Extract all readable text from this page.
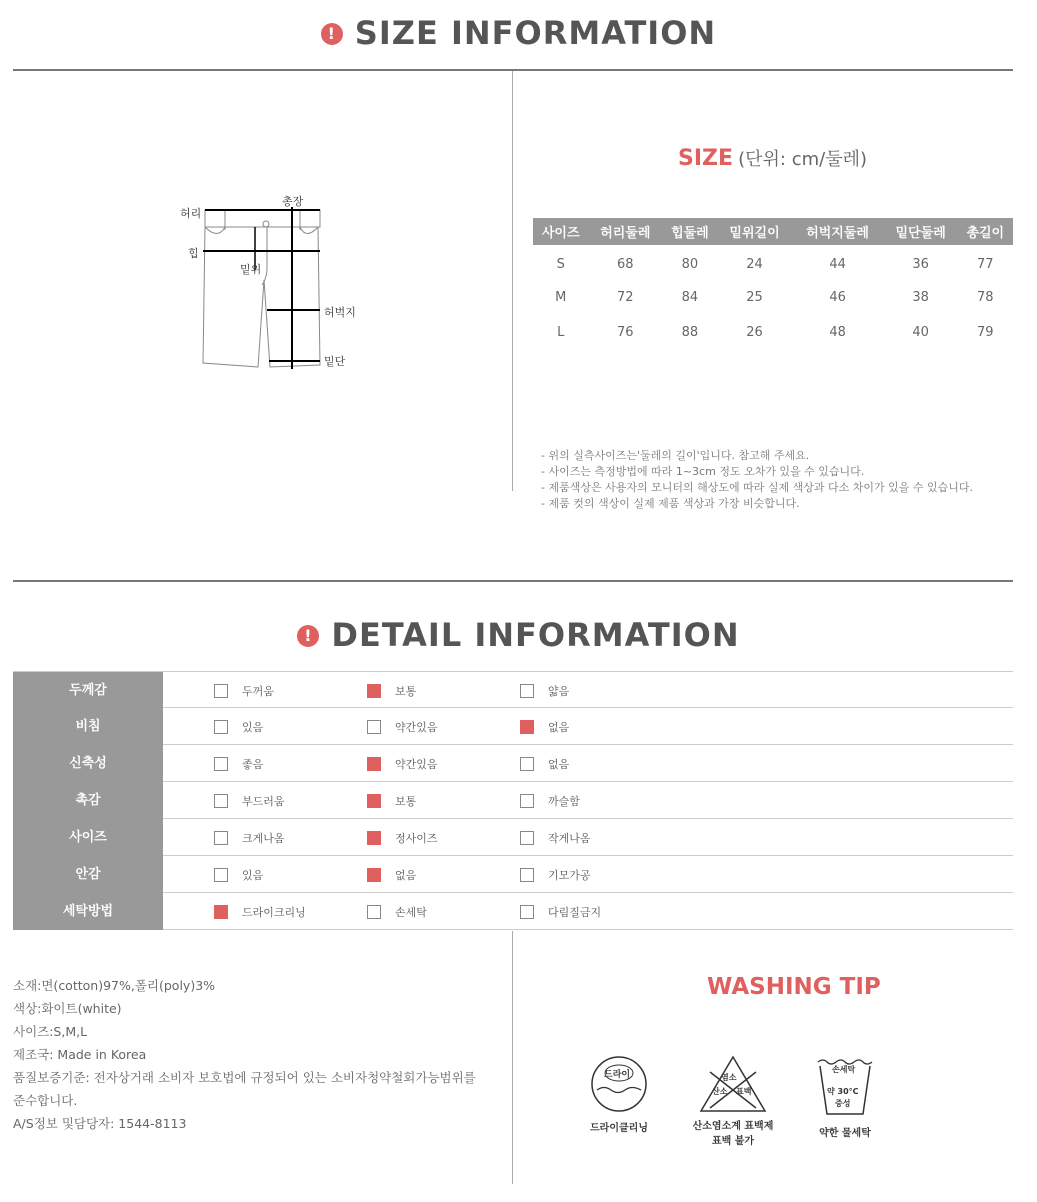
! SIZE INFORMATION
허리
총장
힙
밑위
허벅지
밑단
SIZE (단위: cm/둘레)
사이즈	허리둘레	힙둘레	밑위길이	허벅지둘레	밑단둘레	총길이
S	68	80	24	44	36	77
M	72	84	25	46	38	78
L	76	88	26	48	40	79
- 위의 실측사이즈는'둘레의 길이'입니다. 참고해 주세요.
- 사이즈는 측정방법에 따라 1~3cm 정도 오차가 있을 수 있습니다.
- 제품색상은 사용자의 모니터의 해상도에 따라 실제 색상과 다소 차이가 있을 수 있습니다.
- 제품 컷의 색상이 실제 제품 색상과 가장 비슷합니다.
! DETAIL INFORMATION
두께감	두꺼움	보통	얇음
비침	있음	약간있음	없음
신축성	좋음	약간있음	없음
촉감	부드러움	보통	까슬함
사이즈	크게나옴	정사이즈	작게나옴
안감	있음	없음	기모가공
세탁방법	드라이크리닝	손세탁	다림질금지
소재:면(cotton)97%,폴리(poly)3%
색상:화이트(white)
사이즈:S,M,L
제조국: Made in Korea
품질보증기준: 전자상거래 소비자 보호법에 규정되어 있는 소비자청약철회가능범위를
준수합니다.
A/S정보 및담당자: 1544-8113
WASHING TIP
드라이
드라이클리닝
염소
산소 표백
산소염소계 표백제
표백 불가
손세탁
약 30°C
중성
약한 물세탁
